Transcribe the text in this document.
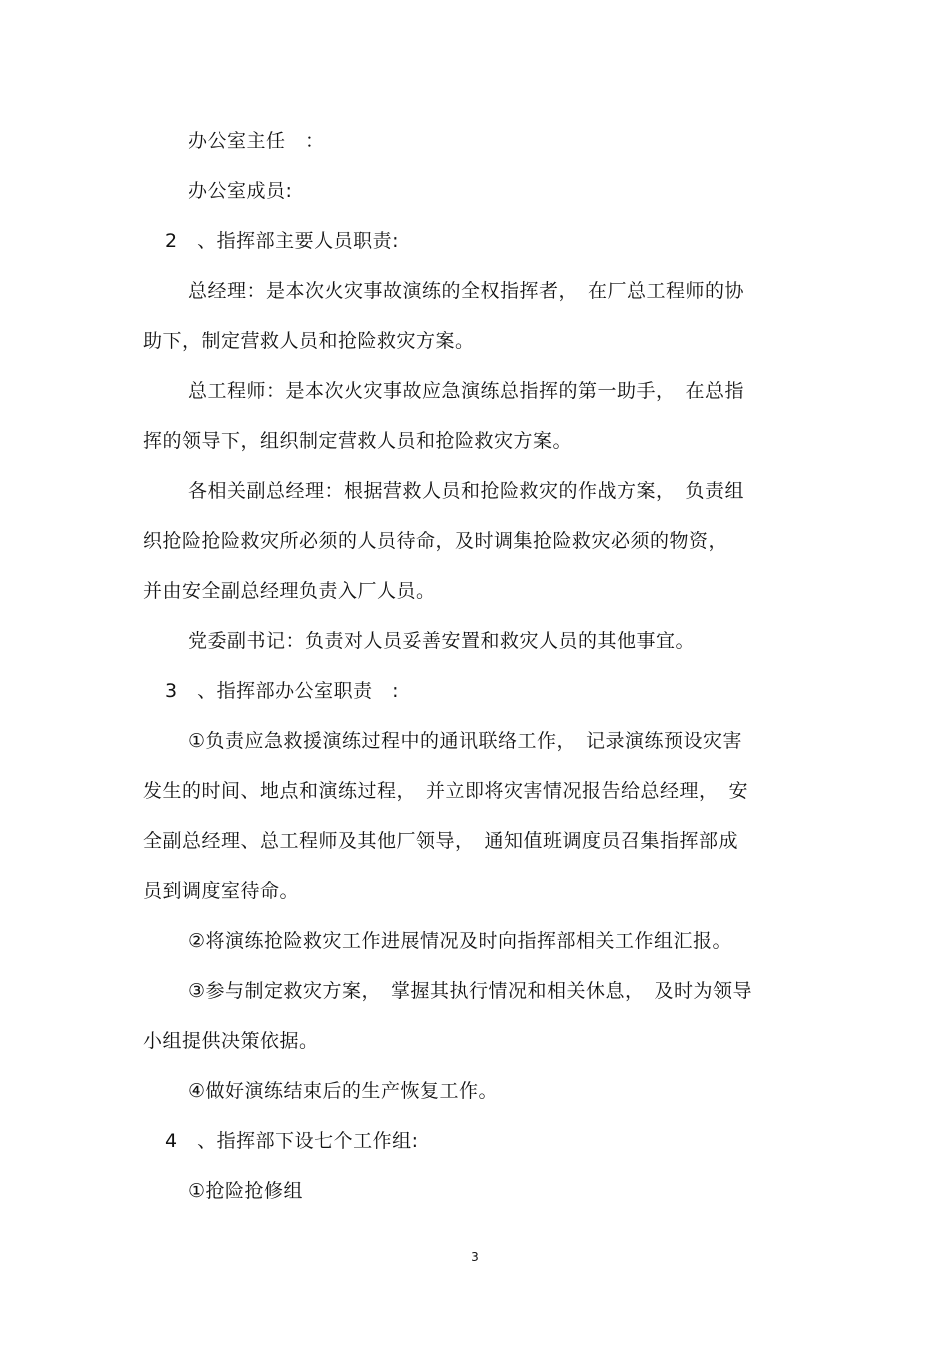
办公室主任　：
办公室成员:
2　、指挥部主要人员职责:
总经理：是本次火灾事故演练的全权指挥者，　在厂总工程师的协
助下，制定营救人员和抢险救灾方案。
总工程师：是本次火灾事故应急演练总指挥的第一助手，　在总指
挥的领导下，组织制定营救人员和抢险救灾方案。
各相关副总经理：根据营救人员和抢险救灾的作战方案，　负责组
织抢险抢险救灾所必须的人员待命，及时调集抢险救灾必须的物资，
并由安全副总经理负责入厂人员。
党委副书记：负责对人员妥善安置和救灾人员的其他事宜。
3　、指挥部办公室职责　:
①负责应急救援演练过程中的通讯联络工作，　记录演练预设灾害
发生的时间、地点和演练过程，　并立即将灾害情况报告给总经理，　安
全副总经理、总工程师及其他厂领导，　通知值班调度员召集指挥部成
员到调度室待命。
②将演练抢险救灾工作进展情况及时向指挥部相关工作组汇报。
③参与制定救灾方案，　掌握其执行情况和相关休息，　及时为领导
小组提供决策依据。
④做好演练结束后的生产恢复工作。
4　、指挥部下设七个工作组:
①抢险抢修组
3
